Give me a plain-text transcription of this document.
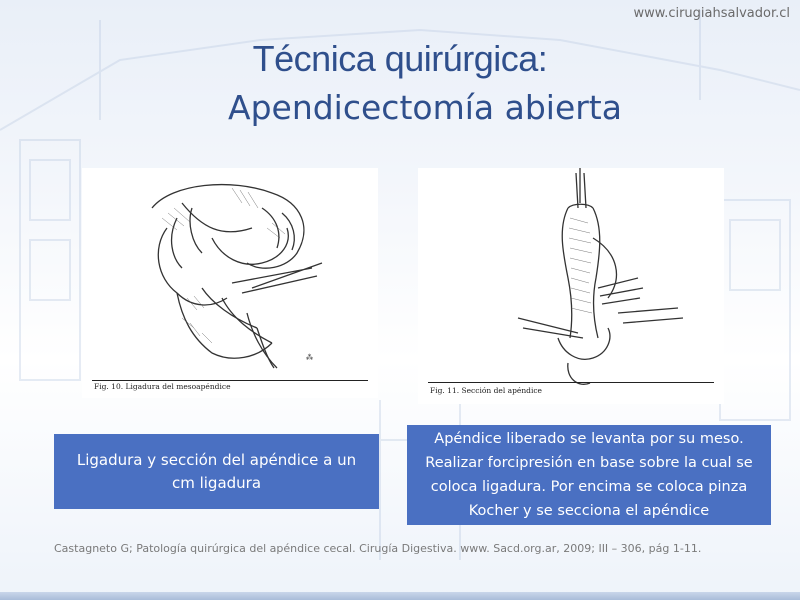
www.cirugiahsalvador.cl
Técnica quirúrgica:
Apendicectomía abierta
⁂
Fig. 10. Ligadura del mesoapéndice	Fig. 11. Sección del apéndice
Ligadura y sección del apéndice a un cm ligadura
Apéndice liberado se levanta por su meso. Realizar forcipresión en base sobre la cual se coloca ligadura. Por encima se coloca pinza Kocher y se secciona el apéndice
Castagneto G; Patología quirúrgica del apéndice cecal. Cirugía Digestiva. www. Sacd.org.ar, 2009; III – 306, pág 1-11.
